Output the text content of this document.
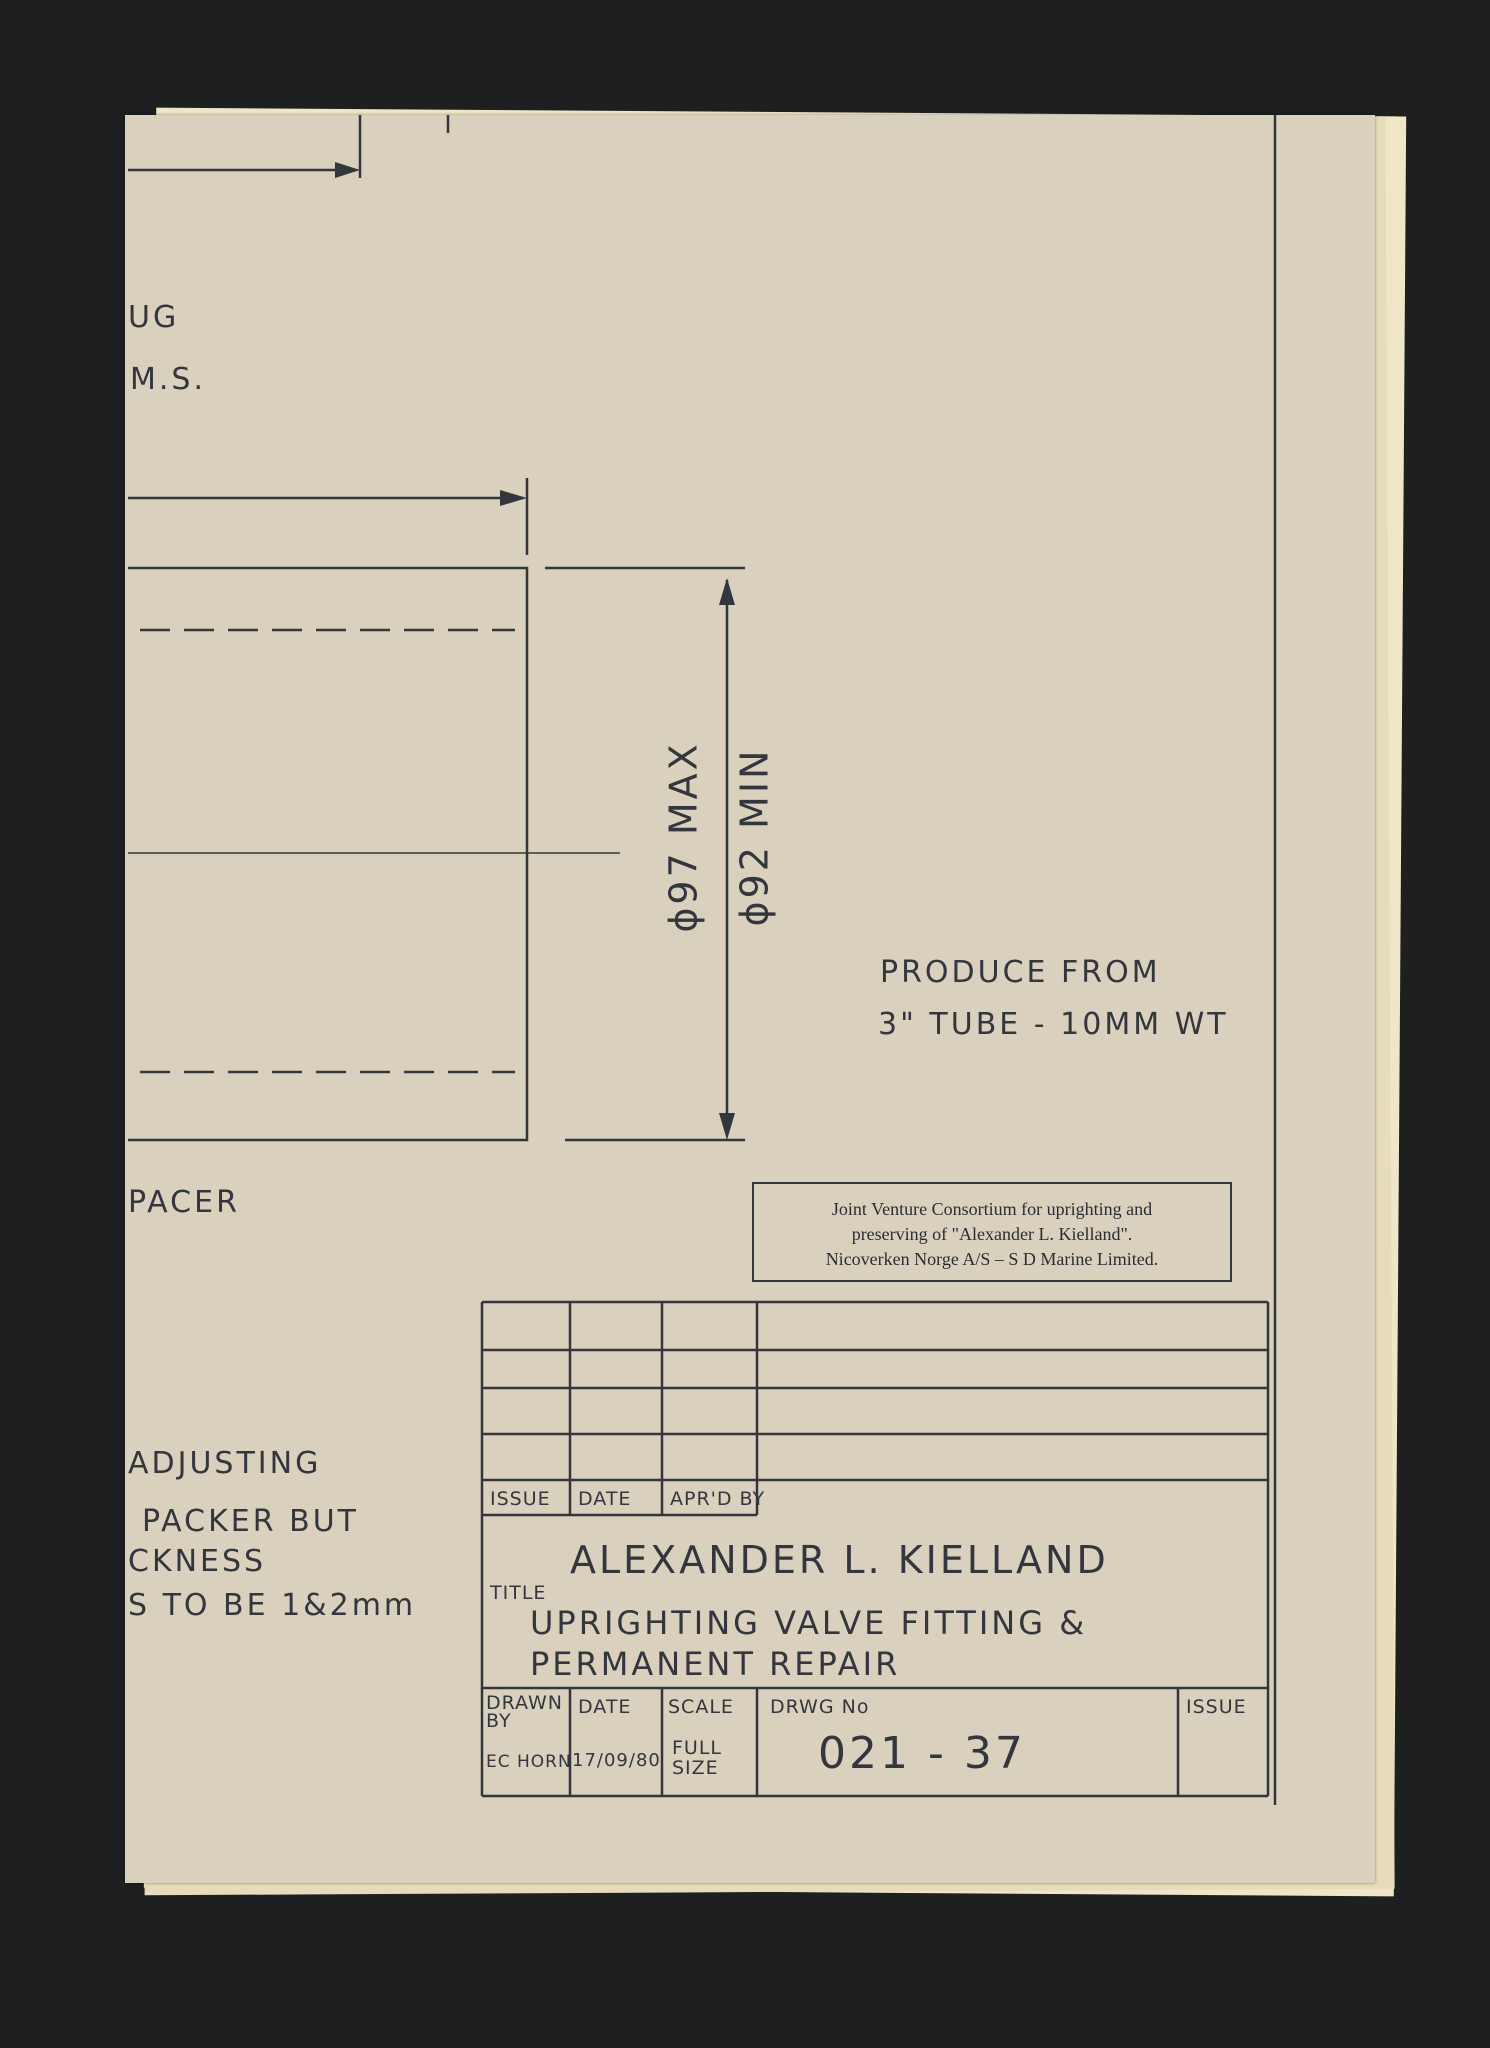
UG
M.S.
PACER
ADJUSTING
PACKER BUT
CKNESS
S TO BE 1&2mm
ϕ97 MAX ϕ92 MIN
PRODUCE FROM
3" TUBE - 10MM WT
Joint Venture Consortium for uprighting and
preserving of "Alexander L. Kielland".
Nicoverken Norge A/S – S D Marine Limited.
ISSUE DATE APR'D BY
TITLE
ALEXANDER L. KIELLAND
UPRIGHTING VALVE FITTING &
PERMANENT REPAIR
DRAWN BY
EC HORN
DATE
17/09/80
SCALE
FULL SIZE
DRWG No
021 - 37
ISSUE
